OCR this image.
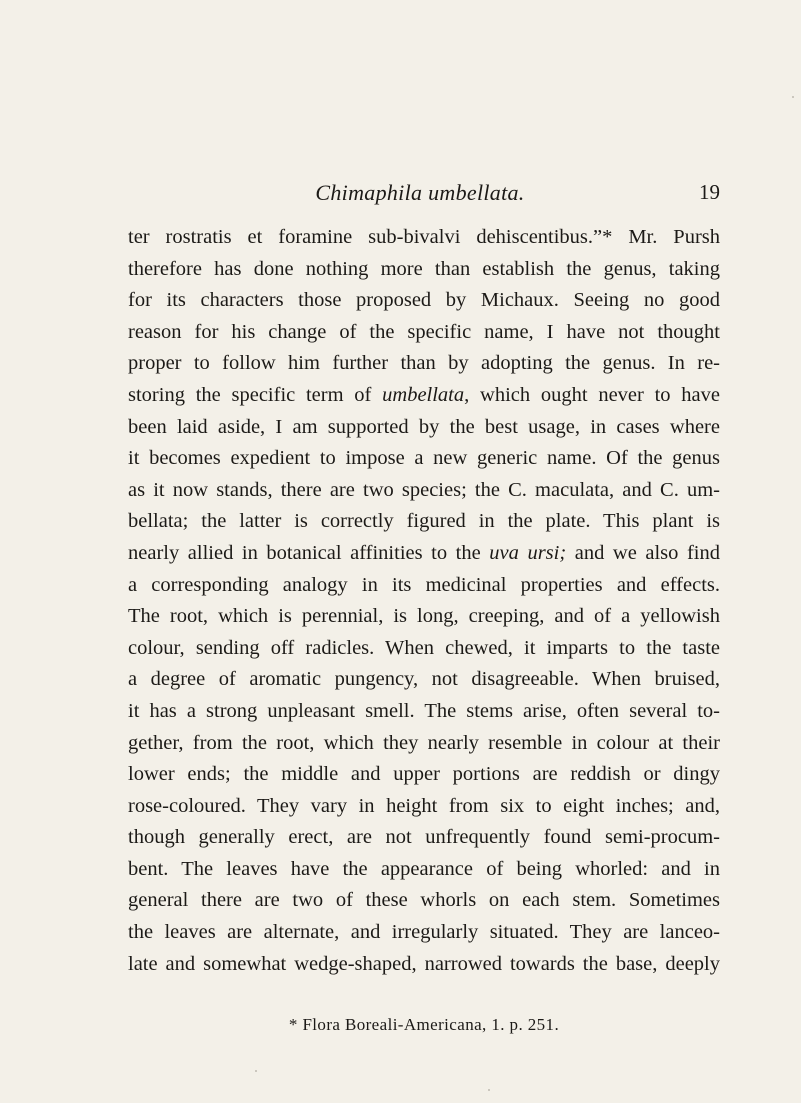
Chimaphila umbellata.	19
ter rostratis et foramine sub-bivalvi dehiscentibus.”* Mr. Pursh
therefore has done nothing more than establish the genus, taking
for its characters those proposed by Michaux. Seeing no good
reason for his change of the specific name, I have not thought
proper to follow him further than by adopting the genus. In re-
storing the specific term of umbellata, which ought never to have
been laid aside, I am supported by the best usage, in cases where
it becomes expedient to impose a new generic name. Of the genus
as it now stands, there are two species; the C. maculata, and C. um-
bellata; the latter is correctly figured in the plate. This plant is
nearly allied in botanical affinities to the uva ursi; and we also find
a corresponding analogy in its medicinal properties and effects.
The root, which is perennial, is long, creeping, and of a yellowish
colour, sending off radicles. When chewed, it imparts to the taste
a degree of aromatic pungency, not disagreeable. When bruised,
it has a strong unpleasant smell. The stems arise, often several to-
gether, from the root, which they nearly resemble in colour at their
lower ends; the middle and upper portions are reddish or dingy
rose-coloured. They vary in height from six to eight inches; and,
though generally erect, are not unfrequently found semi-procum-
bent. The leaves have the appearance of being whorled: and in
general there are two of these whorls on each stem. Sometimes
the leaves are alternate, and irregularly situated. They are lanceo-
late and somewhat wedge-shaped, narrowed towards the base, deeply
* Flora Boreali-Americana, 1. p. 251.
